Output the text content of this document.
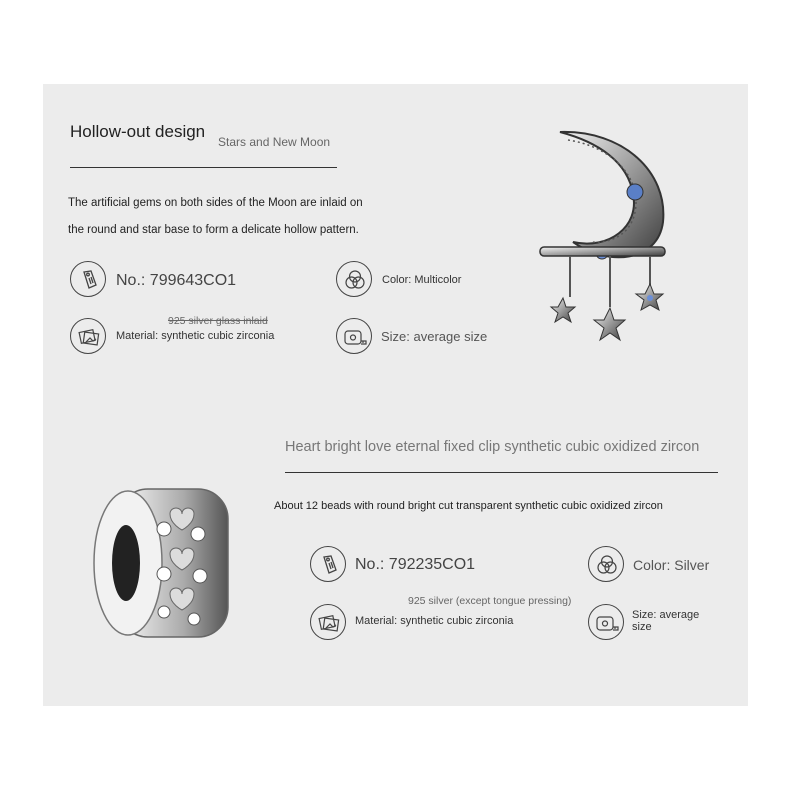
Hollow-out design
Stars and New Moon
The artificial gems on both sides of the Moon are inlaid on
the round and star base to form a delicate hollow pattern.
No.: 799643CO1	Color: Multicolor
925 silver glass inlaid
Material: synthetic cubic zirconia	Size: average size
Heart bright love eternal fixed clip synthetic cubic oxidized zircon
About 12 beads with round bright cut transparent synthetic cubic oxidized zircon
No.: 792235CO1	Color: Silver
925 silver (except tongue pressing)
Material: synthetic cubic zirconia	Size: average
size
